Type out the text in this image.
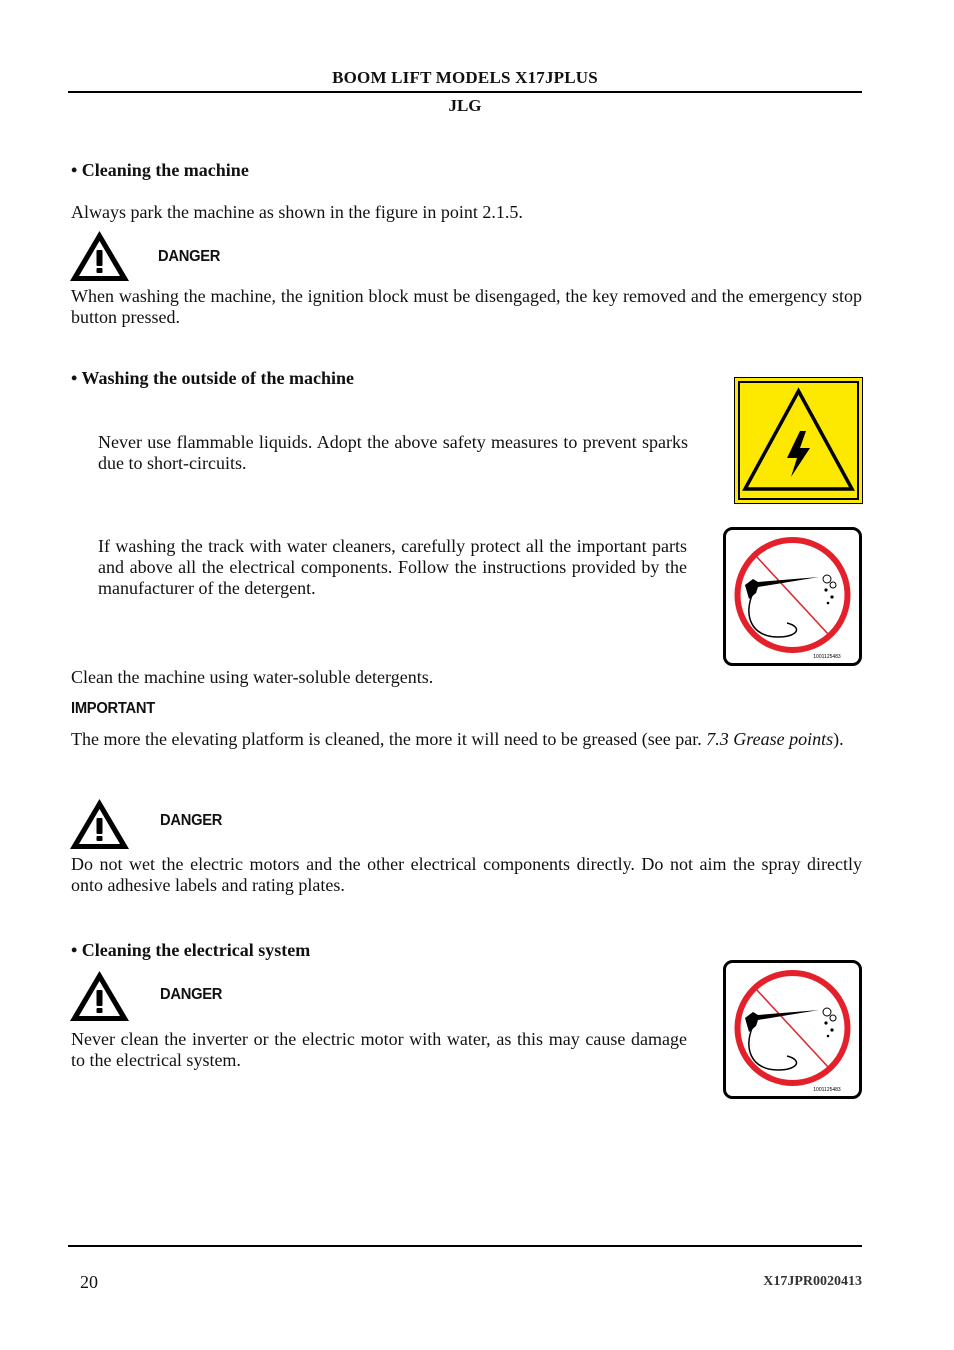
BOOM LIFT MODELS X17JPLUS
JLG
• Cleaning the machine
Always park the machine as shown in the figure in point 2.1.5.
DANGER
When washing the machine, the ignition block must be disengaged, the key removed and the emergency stop button pressed.
• Washing the outside of the machine
Never use flammable liquids. Adopt the above safety measures to prevent sparks due to short-circuits.
If washing the track with water cleaners, carefully protect all the important parts and above all the electrical components. Follow the instructions provided by the manufacturer of the detergent.
1001125483
Clean the machine using water-soluble detergents.
IMPORTANT
The more the elevating platform is cleaned, the more it will need to be greased (see par. 7.3 Grease points).
DANGER
Do not wet the electric motors and the other electrical components directly. Do not aim the spray directly onto adhesive labels and rating plates.
• Cleaning the electrical system
DANGER
Never clean the inverter or the electric motor with water, as this may cause damage to the electrical system.
1001125483
20	X17JPR0020413
